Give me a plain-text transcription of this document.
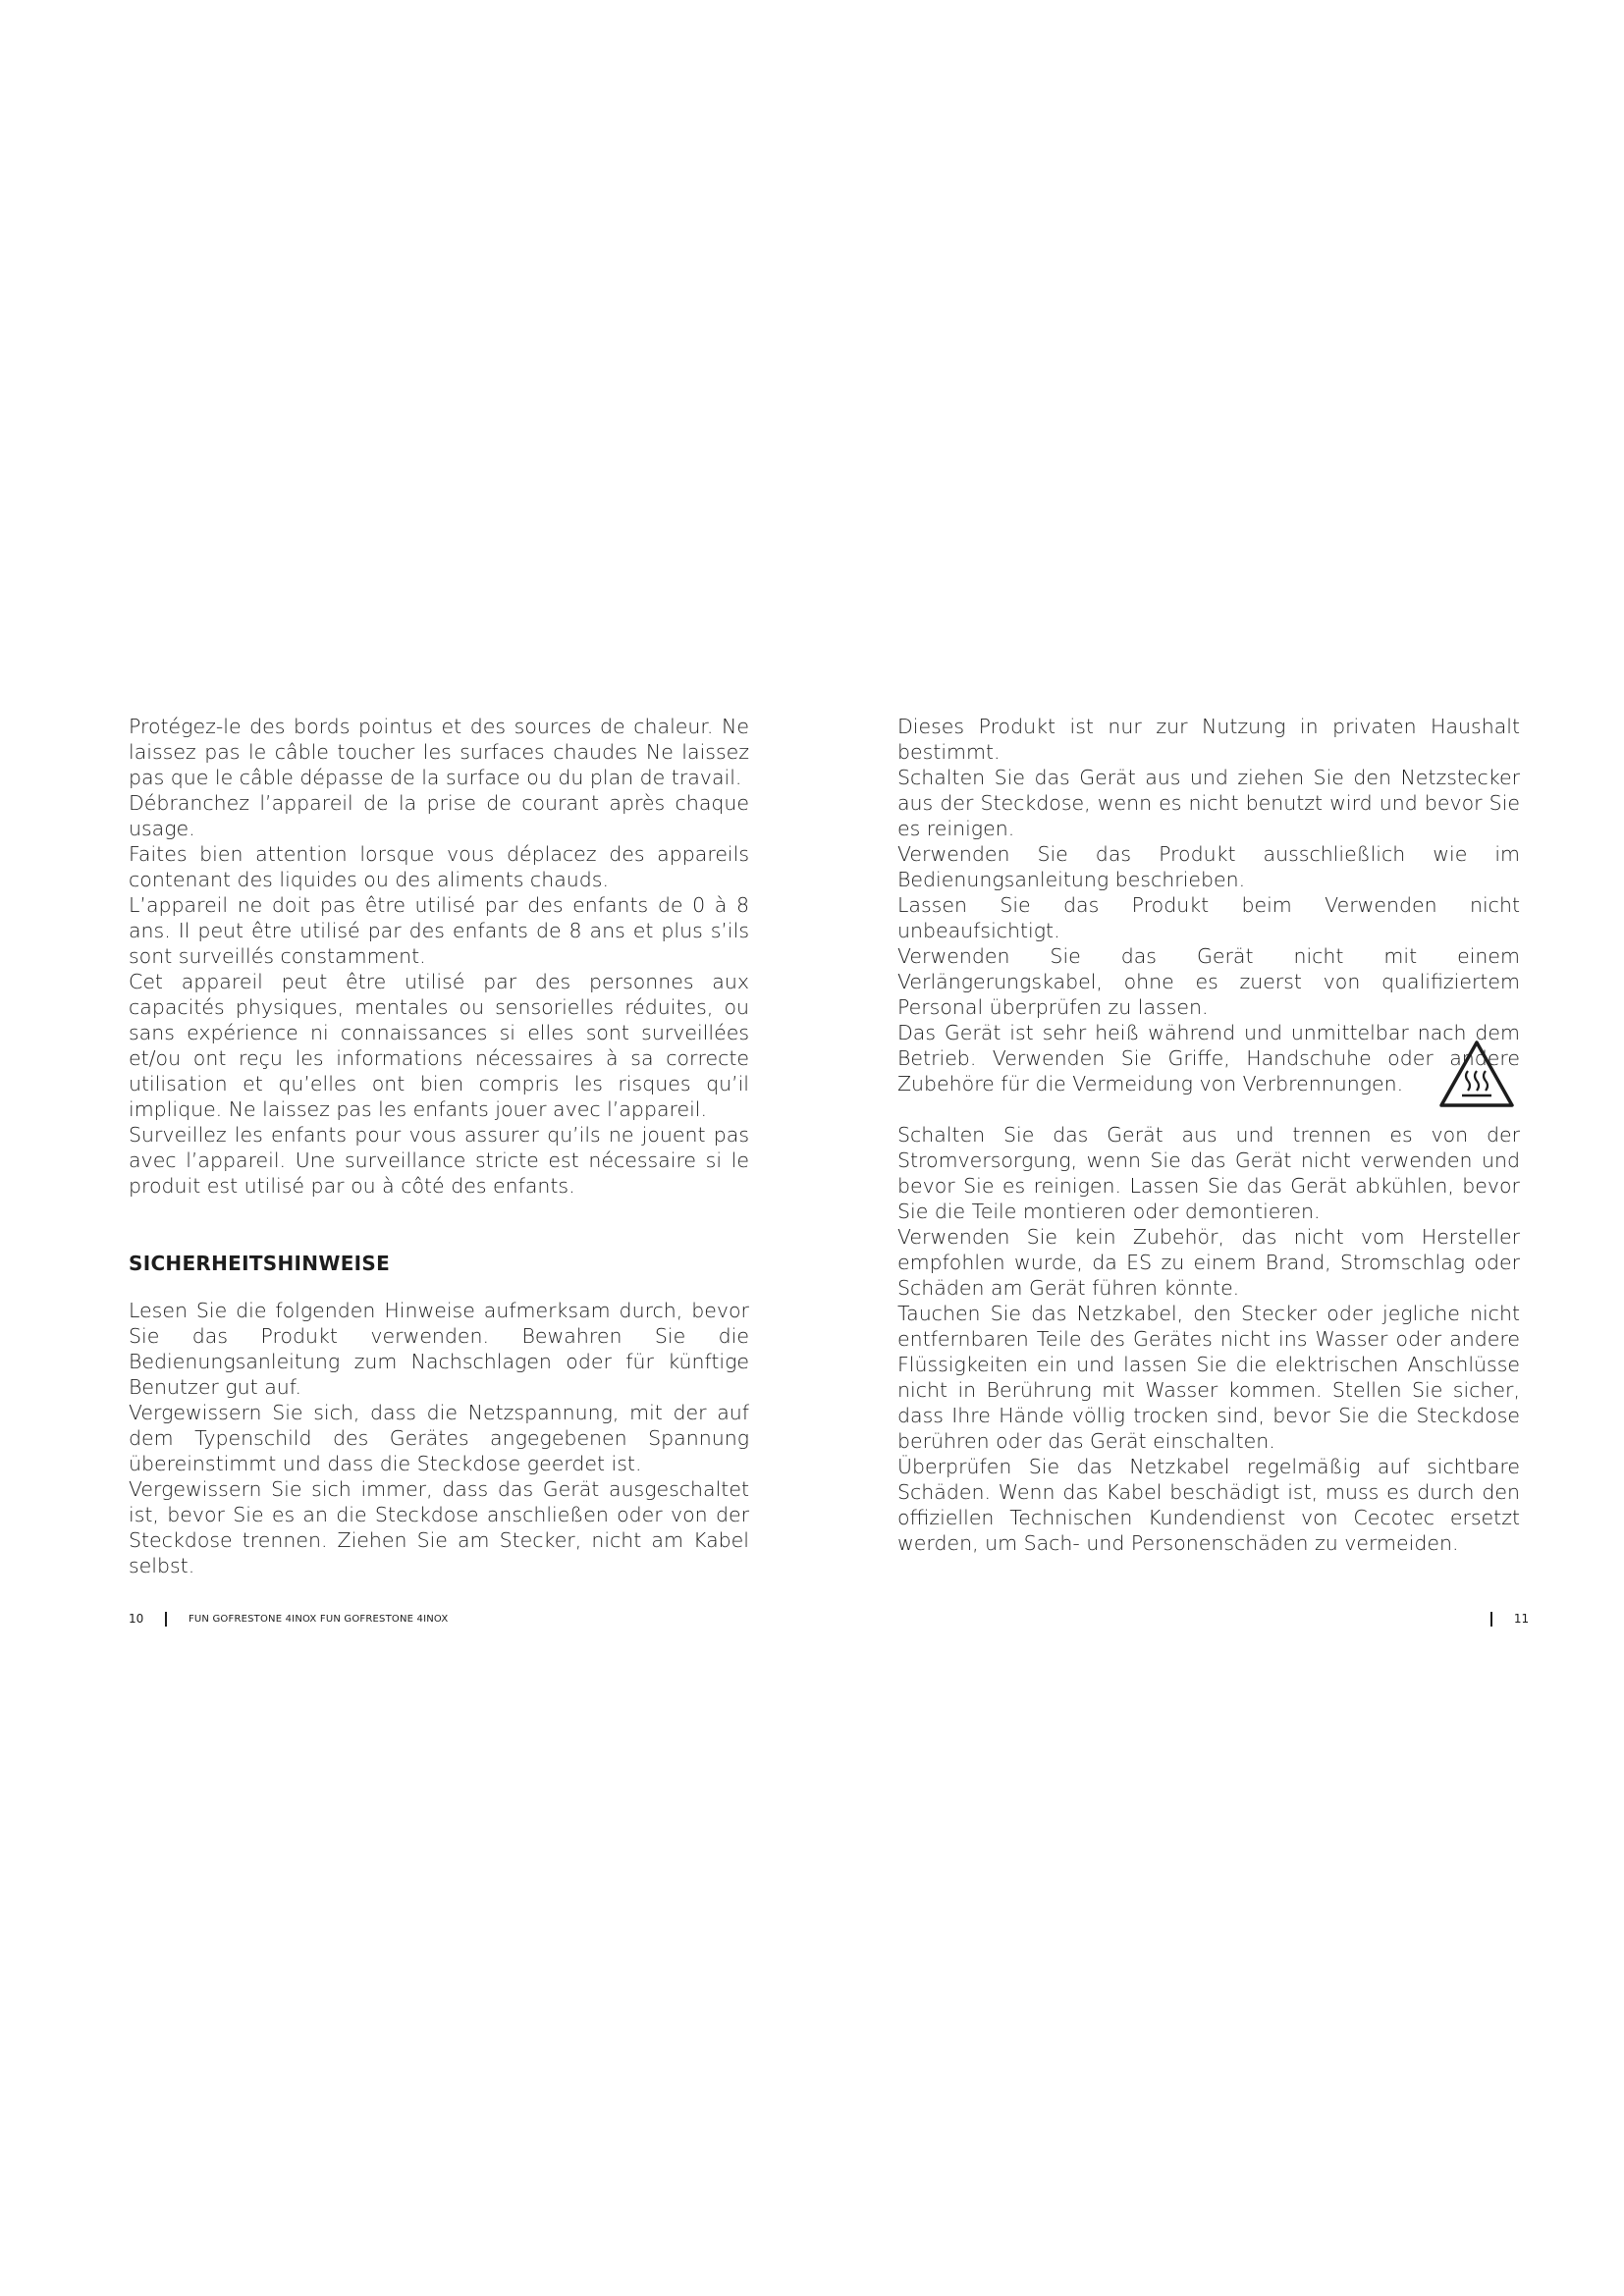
Protégez-le des bords pointus et des sources de chaleur. Ne laissez pas le câble toucher les surfaces chaudes Ne laissez pas que le câble dépasse de la surface ou du plan de travail.

Débranchez l’appareil de la prise de courant après chaque usage.

Faites bien attention lorsque vous déplacez des appareils contenant des liquides ou des aliments chauds.

L’appareil ne doit pas être utilisé par des enfants de 0 à 8 ans. Il peut être utilisé par des enfants de 8 ans et plus s’ils sont surveillés constamment.

Cet appareil peut être utilisé par des personnes aux capacités physiques, mentales ou sensorielles réduites, ou sans expérience ni connaissances si elles sont surveillées et/ou ont reçu les informations nécessaires à sa correcte utilisation et qu’elles ont bien compris les risques qu’il implique. Ne laissez pas les enfants jouer avec l’appareil.

Surveillez les enfants pour vous assurer qu’ils ne jouent pas avec l’appareil. Une surveillance stricte est nécessaire si le produit est utilisé par ou à côté des enfants.

SICHERHEITSHINWEISE

Lesen Sie die folgenden Hinweise aufmerksam durch, bevor Sie das Produkt verwenden. Bewahren Sie die Bedienungsanleitung zum Nachschlagen oder für künftige Benutzer gut auf.

Vergewissern Sie sich, dass die Netzspannung, mit der auf dem Typenschild des Gerätes angegebenen Spannung übereinstimmt und dass die Steckdose geerdet ist.

Vergewissern Sie sich immer, dass das Gerät ausgeschaltet ist, bevor Sie es an die Steckdose anschließen oder von der Steckdose trennen. Ziehen Sie am Stecker, nicht am Kabel selbst.

Dieses Produkt ist nur zur Nutzung in privaten Haushalt bestimmt.

Schalten Sie das Gerät aus und ziehen Sie den Netzstecker aus der Steckdose, wenn es nicht benutzt wird und bevor Sie es reinigen.

Verwenden Sie das Produkt ausschließlich wie im Bedienungsanleitung beschrieben.

Lassen Sie das Produkt beim Verwenden nicht unbeaufsichtigt.

Verwenden Sie das Gerät nicht mit einem Verlängerungskabel, ohne es zuerst von qualifiziertem Personal überprüfen zu lassen.

Das Gerät ist sehr heiß während und unmittelbar nach dem Betrieb. Verwenden Sie Griffe, Handschuhe oder andere Zubehöre für die Vermeidung von Verbrennungen.

Schalten Sie das Gerät aus und trennen es von der Stromversorgung, wenn Sie das Gerät nicht verwenden und bevor Sie es reinigen. Lassen Sie das Gerät abkühlen, bevor Sie die Teile montieren oder demontieren.

Verwenden Sie kein Zubehör, das nicht vom Hersteller empfohlen wurde, da ES zu einem Brand, Stromschlag oder Schäden am Gerät führen könnte.

Tauchen Sie das Netzkabel, den Stecker oder jegliche nicht entfernbaren Teile des Gerätes nicht ins Wasser oder andere Flüssigkeiten ein und lassen Sie die elektrischen Anschlüsse nicht in Berührung mit Wasser kommen. Stellen Sie sicher, dass Ihre Hände völlig trocken sind, bevor Sie die Steckdose berühren oder das Gerät einschalten.

Überprüfen Sie das Netzkabel regelmäßig auf sichtbare Schäden. Wenn das Kabel beschädigt ist, muss es durch den offiziellen Technischen Kundendienst von Cecotec ersetzt werden, um Sach- und Personenschäden zu vermeiden.

10	FUN GOFRESTONE 4INOX FUN GOFRESTONE 4INOX	11
